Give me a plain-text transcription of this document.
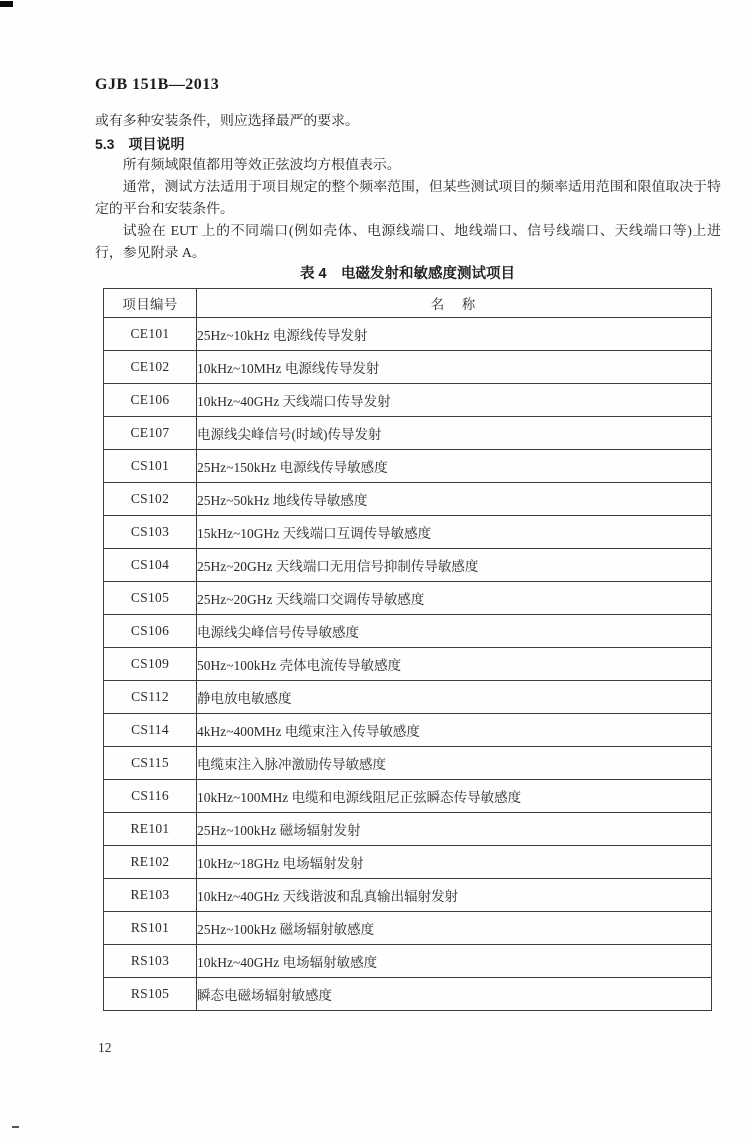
GJB 151B—2013

或有多种安装条件，则应选择最严的要求。

5.3　项目说明

所有频域限值都用等效正弦波均方根值表示。

通常，测试方法适用于项目规定的整个频率范围，但某些测试项目的频率适用范围和限值取决于特定的平台和安装条件。

试验在 EUT 上的不同端口(例如壳体、电源线端口、地线端口、信号线端口、天线端口等)上进行，参见附录 A。

表 4　电磁发射和敏感度测试项目
项目编号	名　称
CE101	25Hz~10kHz 电源线传导发射
CE102	10kHz~10MHz 电源线传导发射
CE106	10kHz~40GHz 天线端口传导发射
CE107	电源线尖峰信号(时域)传导发射
CS101	25Hz~150kHz 电源线传导敏感度
CS102	25Hz~50kHz 地线传导敏感度
CS103	15kHz~10GHz 天线端口互调传导敏感度
CS104	25Hz~20GHz 天线端口无用信号抑制传导敏感度
CS105	25Hz~20GHz 天线端口交调传导敏感度
CS106	电源线尖峰信号传导敏感度
CS109	50Hz~100kHz 壳体电流传导敏感度
CS112	静电放电敏感度
CS114	4kHz~400MHz 电缆束注入传导敏感度
CS115	电缆束注入脉冲激励传导敏感度
CS116	10kHz~100MHz 电缆和电源线阻尼正弦瞬态传导敏感度
RE101	25Hz~100kHz 磁场辐射发射
RE102	10kHz~18GHz 电场辐射发射
RE103	10kHz~40GHz 天线谐波和乱真输出辐射发射
RS101	25Hz~100kHz 磁场辐射敏感度
RS103	10kHz~40GHz 电场辐射敏感度
RS105	瞬态电磁场辐射敏感度
12
